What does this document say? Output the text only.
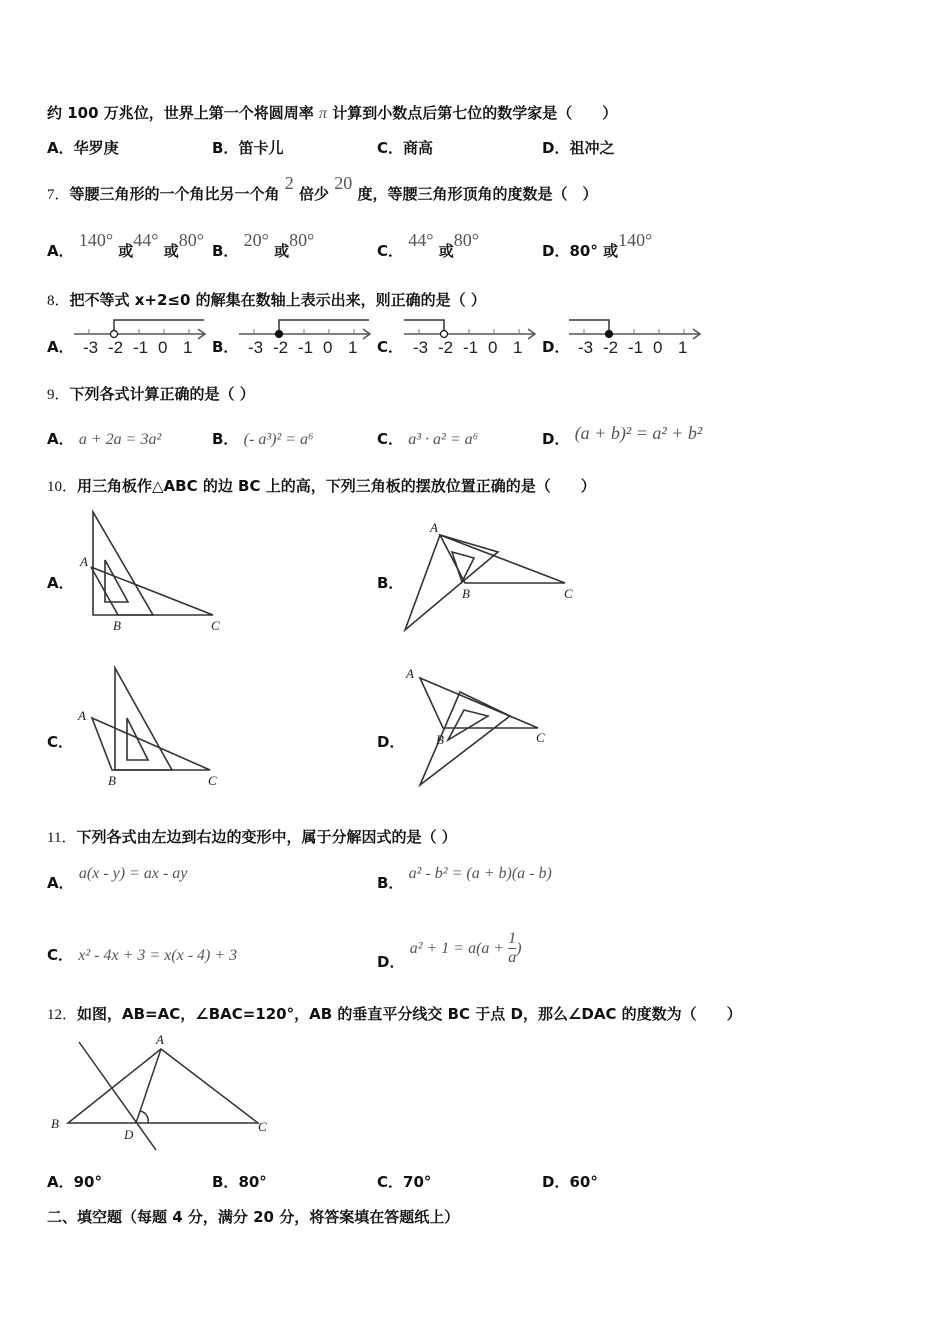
约 100 万兆位，世界上第一个将圆周率 π 计算到小数点后第七位的数学家是（　　）
A．华罗庚	B．笛卡儿	C．商高	D．祖冲之
7．等腰三角形的一个角比另一个角 2 倍少 20 度，等腰三角形顶角的度数是（　）
A． 140° 或44° 或80°
B． 20° 或80°
C． 44° 或80°
D．80° 或140°
8．把不等式 x+2≤0 的解集在数轴上表示出来，则正确的是（ ）
A． -3 -2 -1 0 1 B． -3 -2 -1 0 1 C． -3 -2 -1 0 1 D． -3 -2 -1 0 1
9．下列各式计算正确的是（ ）
A． a + 2a = 3a²	B． (- a³)² = a⁶	C． a³ · a² = a⁶	D． (a + b)² = a² + b²
10．用三角板作△ABC 的边 BC 上的高，下列三角板的摆放位置正确的是（　　）
A．	B．
C．	D．
A
B	C
A
B	C
A
B	C
A
B	C
11．下列各式由左边到右边的变形中，属于分解因式的是（ ）
A． a(x - y) = ax - ay
B． a² - b² = (a + b)(a - b)
C． x² - 4x + 3 = x(x - 4) + 3	D． $a^2 + 1 = a(a + \frac{1}{a}$ )
12．如图，AB=AC，∠BAC=120°，AB 的垂直平分线交 BC 于点 D，那么∠DAC 的度数为（　　）
A
B
D
C
A．90°	B．80°	C．70°	D．60°
二、填空题（每题 4 分，满分 20 分，将答案填在答题纸上）
